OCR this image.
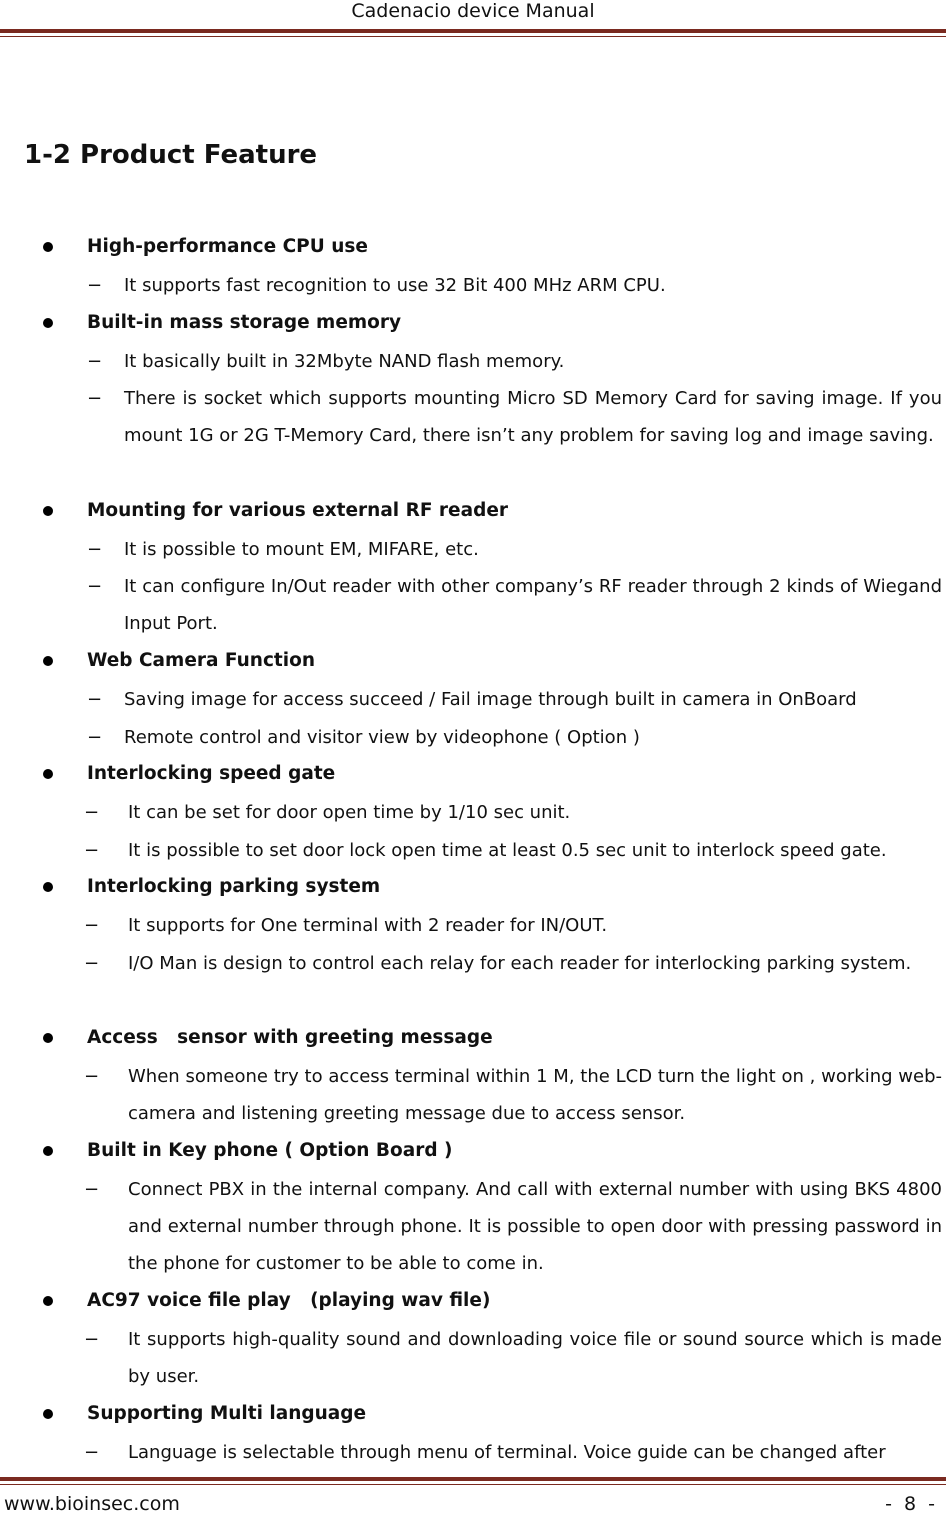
Cadenacio device Manual
1-2 Product Feature
High-performance CPU use
− It supports fast recognition to use 32 Bit 400 MHz ARM CPU.
Built-in mass storage memory
− It basically built in 32Mbyte NAND flash memory.
− There is socket which supports mounting Micro SD Memory Card for saving image. If you mount 1G or 2G T-Memory Card, there isn’t any problem for saving log and image saving.
Mounting for various external RF reader
− It is possible to mount EM, MIFARE, etc.
− It can configure In/Out reader with other company’s RF reader through 2 kinds of Wiegand Input Port.
Web Camera Function
− Saving image for access succeed / Fail image through built in camera in OnBoard
− Remote control and visitor view by videophone ( Option )
Interlocking speed gate
− It can be set for door open time by 1/10 sec unit.
− It is possible to set door lock open time at least 0.5 sec unit to interlock speed gate.
Interlocking parking system
− It supports for One terminal with 2 reader for IN/OUT.
− I/O Man is design to control each relay for each reader for interlocking parking system.
Access   sensor with greeting message
− When someone try to access terminal within 1 M, the LCD turn the light on , working web-camera and listening greeting message due to access sensor.
Built in Key phone ( Option Board )
− Connect PBX in the internal company. And call with external number with using BKS 4800 and external number through phone. It is possible to open door with pressing password in the phone for customer to be able to come in.
AC97 voice file play   (playing wav file)
− It supports high-quality sound and downloading voice file or sound source which is made by user.
Supporting Multi language
− Language is selectable through menu of terminal. Voice guide can be changed after
www.bioinsec.com	- 8 -
